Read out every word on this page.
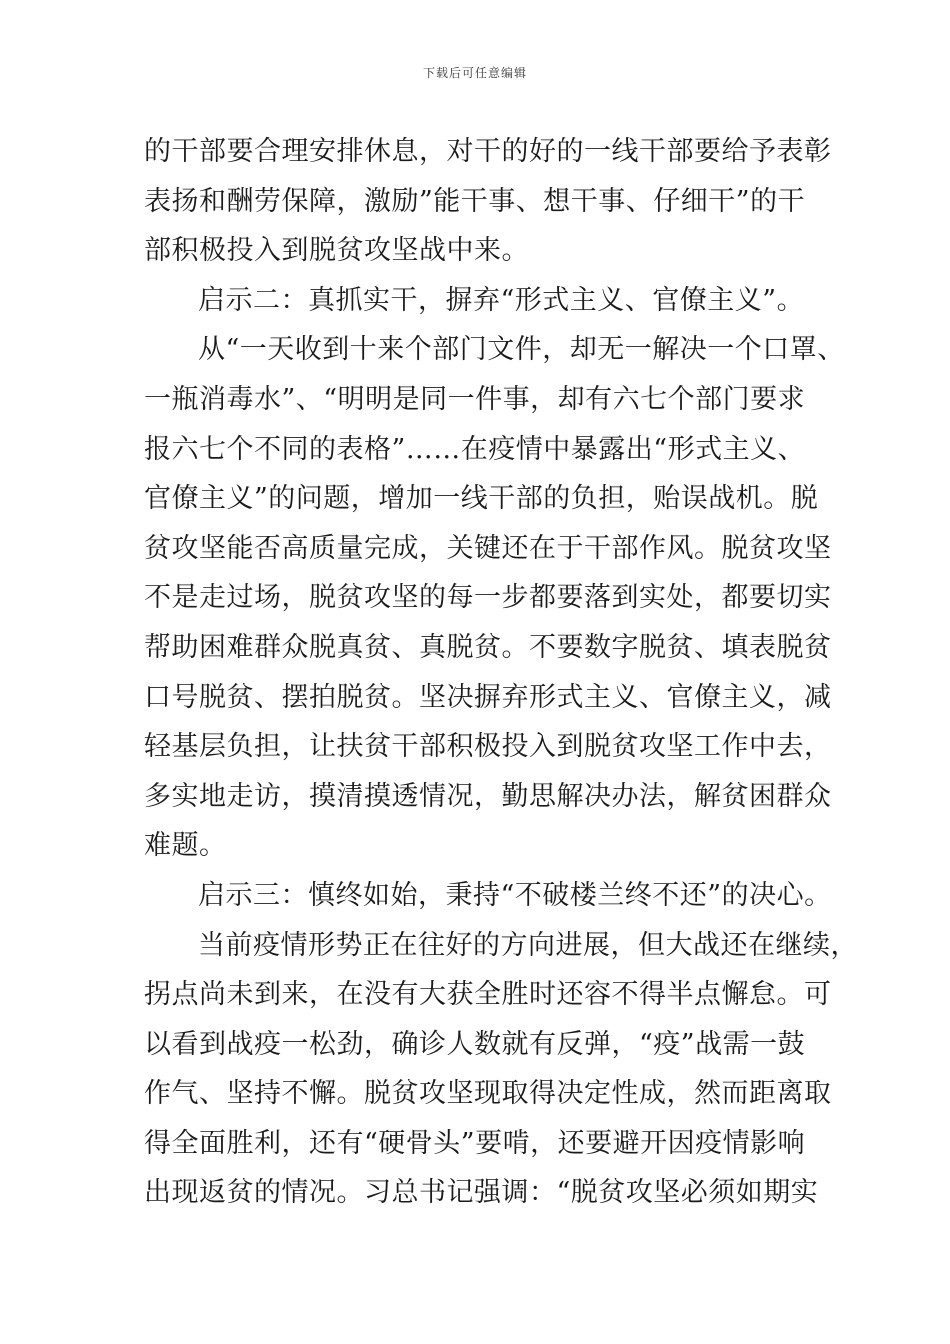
下载后可任意编辑
的干部要合理安排休息，对干的好的一线干部要给予表彰
表扬和酬劳保障，激励”能干事、想干事、仔细干”的干
部积极投入到脱贫攻坚战中来。
启示二：真抓实干，摒弃“形式主义、官僚主义”。
从“一天收到十来个部门文件，却无一解决一个口罩、
一瓶消毒水”、“明明是同一件事，却有六七个部门要求
报六七个不同的表格”……在疫情中暴露出“形式主义、
官僚主义”的问题，增加一线干部的负担，贻误战机。脱
贫攻坚能否高质量完成，关键还在于干部作风。脱贫攻坚
不是走过场，脱贫攻坚的每一步都要落到实处，都要切实
帮助困难群众脱真贫、真脱贫。不要数字脱贫、填表脱贫
口号脱贫、摆拍脱贫。坚决摒弃形式主义、官僚主义，减
轻基层负担，让扶贫干部积极投入到脱贫攻坚工作中去，
多实地走访，摸清摸透情况，勤思解决办法，解贫困群众
难题。
启示三：慎终如始，秉持“不破楼兰终不还”的决心。
当前疫情形势正在往好的方向进展，但大战还在继续，
拐点尚未到来，在没有大获全胜时还容不得半点懈怠。可
以看到战疫一松劲，确诊人数就有反弹，“疫”战需一鼓
作气、坚持不懈。脱贫攻坚现取得决定性成，然而距离取
得全面胜利，还有“硬骨头”要啃，还要避开因疫情影响
出现返贫的情况。习总书记强调：“脱贫攻坚必须如期实
